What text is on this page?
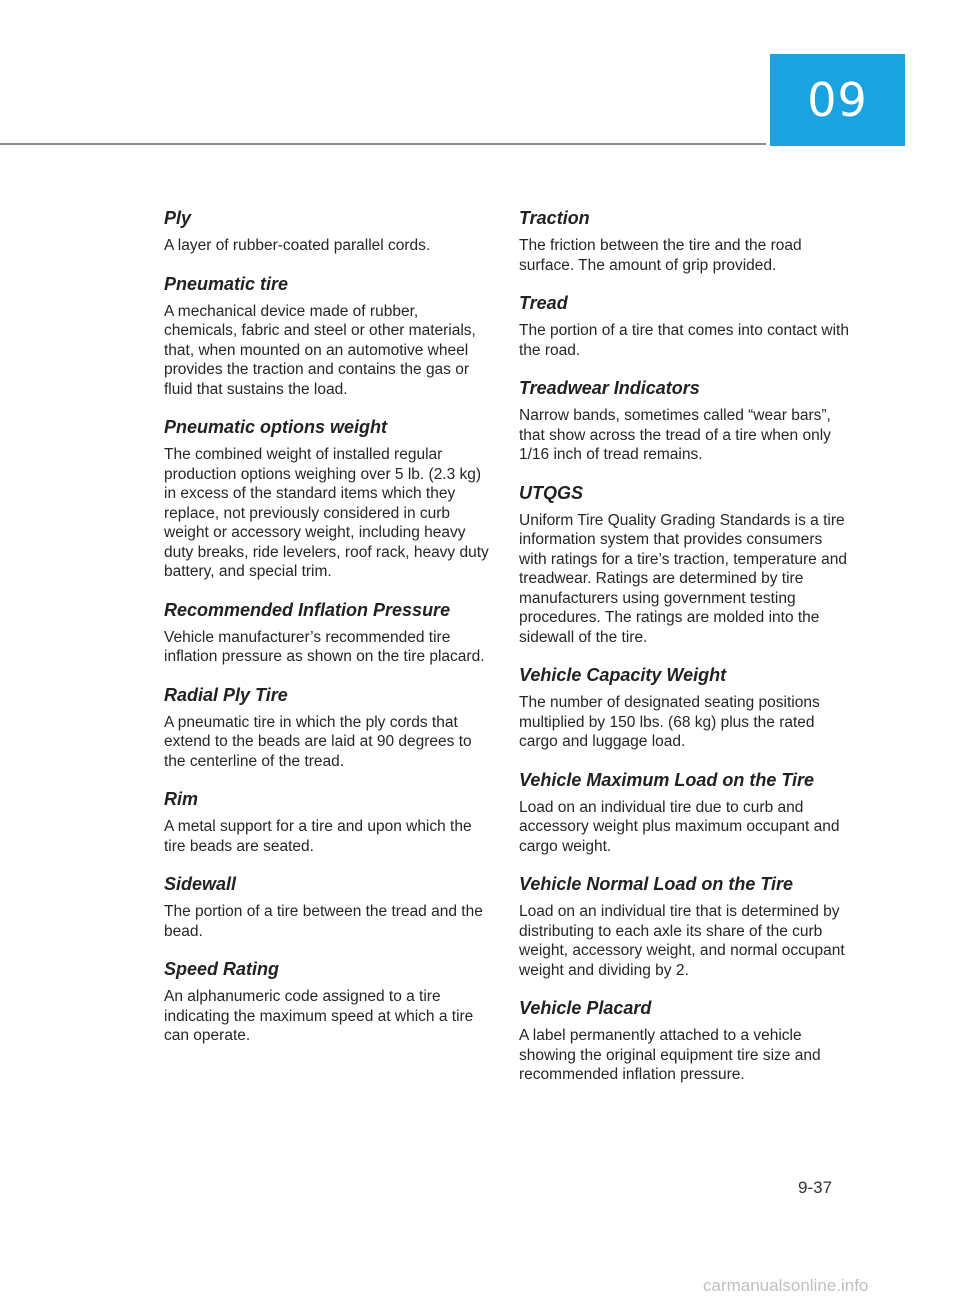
09
Ply

A layer of rubber-coated parallel cords.

Pneumatic tire

A mechanical device made of rubber, chemicals, fabric and steel or other materials, that, when mounted on an automotive wheel provides the traction and contains the gas or fluid that sustains the load.

Pneumatic options weight

The combined weight of installed regular production options weighing over 5 lb. (2.3 kg) in excess of the standard items which they replace, not previously considered in curb weight or accessory weight, including heavy duty breaks, ride levelers, roof rack, heavy duty battery, and special trim.

Recommended Inflation Pressure

Vehicle manufacturer’s recommended tire inflation pressure as shown on the tire placard.

Radial Ply Tire

A pneumatic tire in which the ply cords that extend to the beads are laid at 90 degrees to the centerline of the tread.

Rim

A metal support for a tire and upon which the tire beads are seated.

Sidewall

The portion of a tire between the tread and the bead.

Speed Rating

An alphanumeric code assigned to a tire indicating the maximum speed at which a tire can operate.

Traction

The friction between the tire and the road surface. The amount of grip provided.

Tread

The portion of a tire that comes into contact with the road.

Treadwear Indicators

Narrow bands, sometimes called “wear bars”, that show across the tread of a tire when only 1/16 inch of tread remains.

UTQGS

Uniform Tire Quality Grading Standards is a tire information system that provides consumers with ratings for a tire’s traction, temperature and treadwear. Ratings are determined by tire manufacturers using government testing procedures. The ratings are molded into the sidewall of the tire.

Vehicle Capacity Weight

The number of designated seating positions multiplied by 150 lbs. (68 kg) plus the rated cargo and luggage load.

Vehicle Maximum Load on the Tire

Load on an individual tire due to curb and accessory weight plus maximum occupant and cargo weight.

Vehicle Normal Load on the Tire

Load on an individual tire that is determined by distributing to each axle its share of the curb weight, accessory weight, and normal occupant weight and dividing by 2.

Vehicle Placard

A label permanently attached to a vehicle showing the original equipment tire size and recommended inflation pressure.

9-37
carmanualsonline.info
